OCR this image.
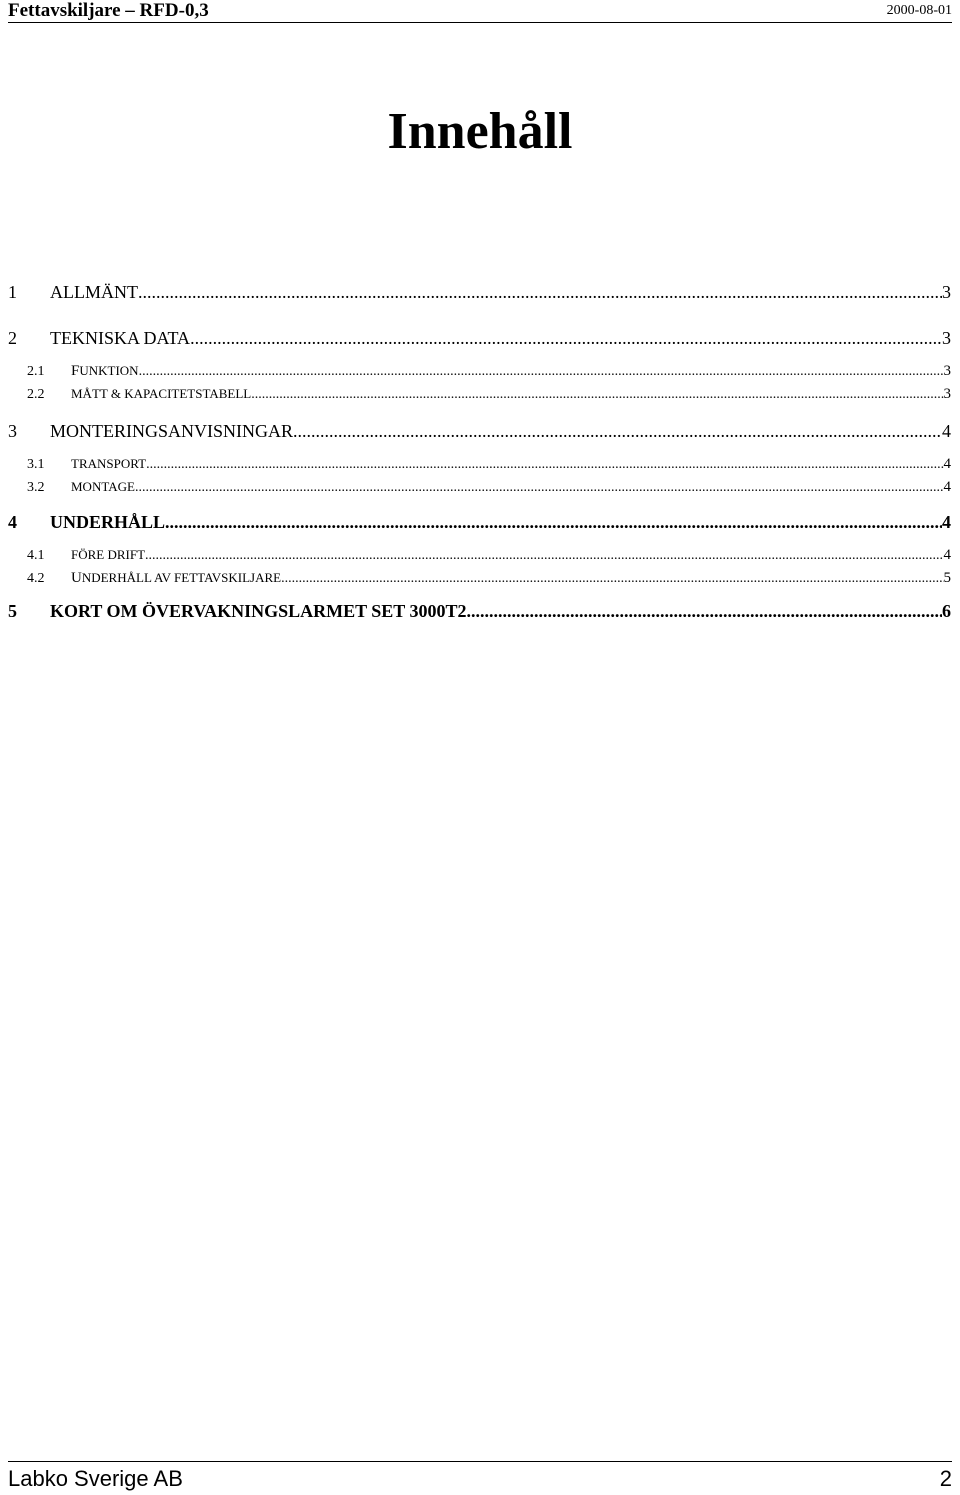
Fettavskiljare – RFD-0,3	2000-08-01
Innehåll
1	ALLMÄNT .....	3
2	TEKNISKA DATA .....	3
2.1	FUNKTION .....	3
2.2	MÅTT & KAPACITETSTABELL .....	3
3	MONTERINGSANVISNINGAR .....	4
3.1	TRANSPORT .....	4
3.2	MONTAGE .....	4
4	UNDERHÅLL .....	4
4.1	FÖRE DRIFT .....	4
4.2	UNDERHÅLL AV FETTAVSKILJARE .....	5
5	KORT OM ÖVERVAKNINGSLARMET SET 3000T2 .....	6
Labko Sverige AB	2
